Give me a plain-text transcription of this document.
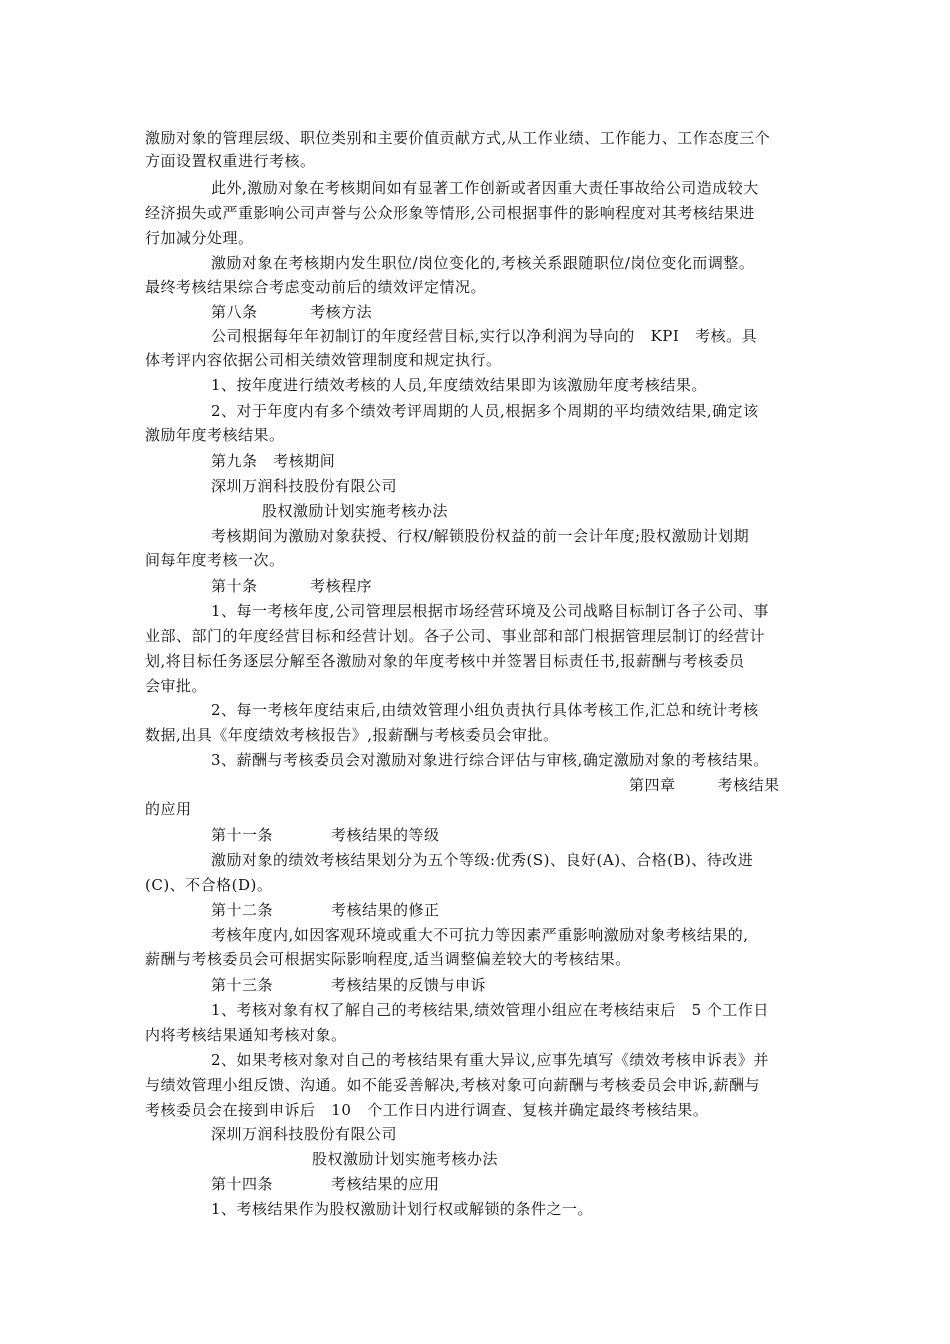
激励对象的管理层级、职位类别和主要价值贡献方式,从工作业绩、工作能力、工作态度三个
方面设置权重进行考核。
此外,激励对象在考核期间如有显著工作创新或者因重大责任事故给公司造成较大
经济损失或严重影响公司声誉与公众形象等情形,公司根据事件的影响程度对其考核结果进
行加减分处理。
激励对象在考核期内发生职位/岗位变化的,考核关系跟随职位/岗位变化而调整。
最终考核结果综合考虑变动前后的绩效评定情况。
第八条          考核方法
公司根据每年年初制订的年度经营目标,实行以净利润为导向的   KPI   考核。具
体考评内容依据公司相关绩效管理制度和规定执行。
1、按年度进行绩效考核的人员,年度绩效结果即为该激励年度考核结果。
2、对于年度内有多个绩效考评周期的人员,根据多个周期的平均绩效结果,确定该
激励年度考核结果。
第九条   考核期间
深圳万润科技股份有限公司
股权激励计划实施考核办法
考核期间为激励对象获授、行权/解锁股份权益的前一会计年度;股权激励计划期
间每年度考核一次。
第十条          考核程序
1、每一考核年度,公司管理层根据市场经营环境及公司战略目标制订各子公司、事
业部、部门的年度经营目标和经营计划。各子公司、事业部和部门根据管理层制订的经营计
划,将目标任务逐层分解至各激励对象的年度考核中并签署目标责任书,报薪酬与考核委员
会审批。
2、每一考核年度结束后,由绩效管理小组负责执行具体考核工作,汇总和统计考核
数据,出具《年度绩效考核报告》,报薪酬与考核委员会审批。
3、薪酬与考核委员会对激励对象进行综合评估与审核,确定激励对象的考核结果。
第四章        考核结果
的应用
第十一条           考核结果的等级
激励对象的绩效考核结果划分为五个等级:优秀(S)、良好(A)、合格(B)、待改进
(C)、不合格(D)。
第十二条           考核结果的修正
考核年度内,如因客观环境或重大不可抗力等因素严重影响激励对象考核结果的,
薪酬与考核委员会可根据实际影响程度,适当调整偏差较大的考核结果。
第十三条           考核结果的反馈与申诉
1、考核对象有权了解自己的考核结果,绩效管理小组应在考核结束后   5 个工作日
内将考核结果通知考核对象。
2、如果考核对象对自己的考核结果有重大异议,应事先填写《绩效考核申诉表》并
与绩效管理小组反馈、沟通。如不能妥善解决,考核对象可向薪酬与考核委员会申诉,薪酬与
考核委员会在接到申诉后   10   个工作日内进行调查、复核并确定最终考核结果。
深圳万润科技股份有限公司
股权激励计划实施考核办法
第十四条           考核结果的应用
1、考核结果作为股权激励计划行权或解锁的条件之一。
